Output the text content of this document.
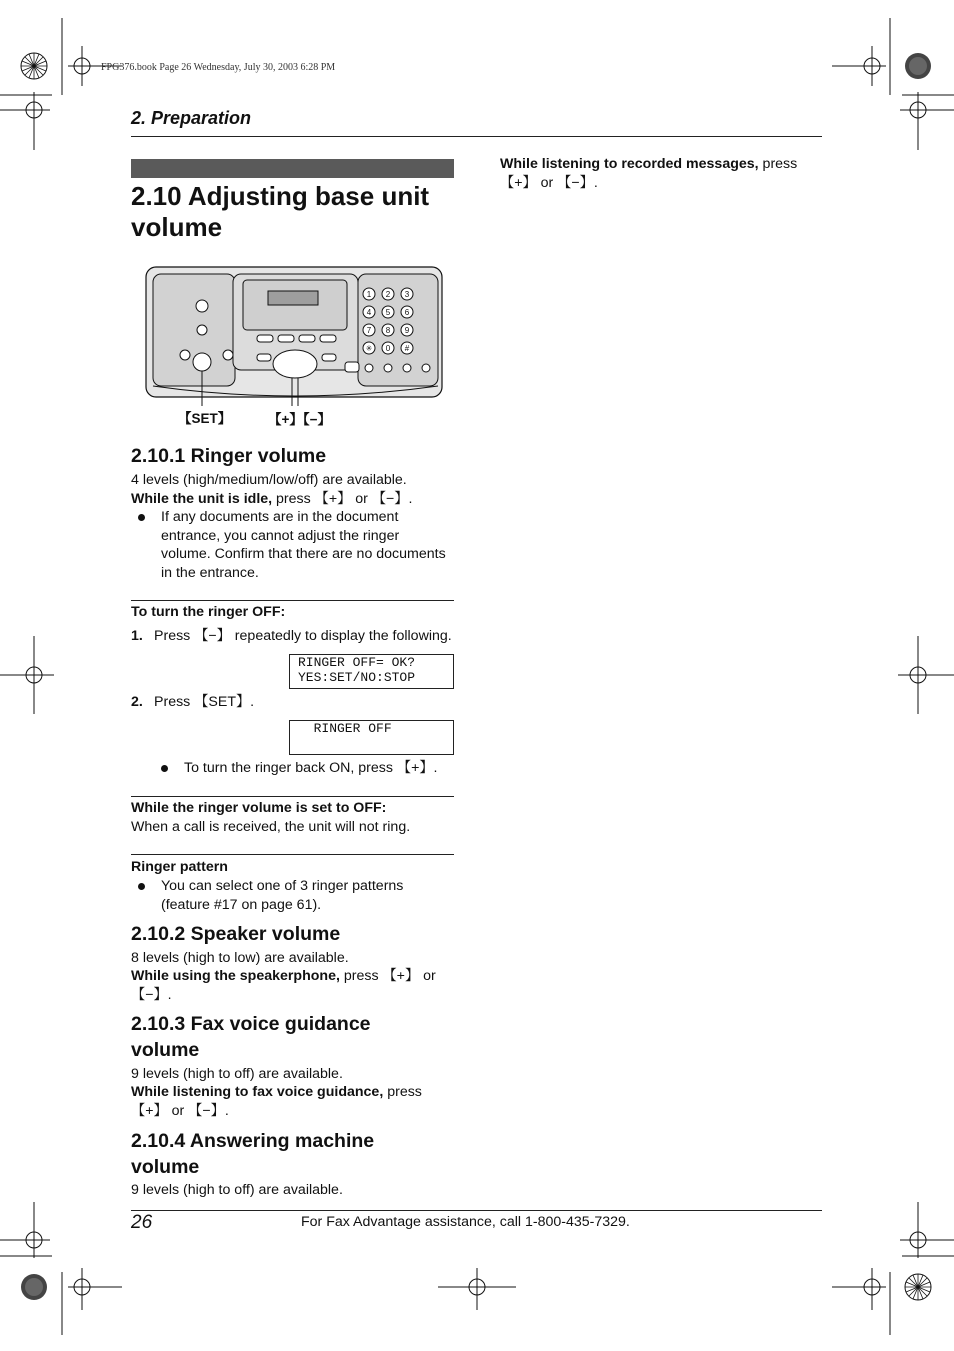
FPG376.book Page 26 Wednesday, July 30, 2003 6:28 PM
2. Preparation
2.10 Adjusting base unit volume
1 2 3
4 5 6
7 8 9
✳ 0 #
【SET】	【+】【−】
2.10.1 Ringer volume
4 levels (high/medium/low/off) are available.
While the unit is idle, press 【+】 or 【−】.
If any documents are in the document
entrance, you cannot adjust the ringer
volume. Confirm that there are no documents
in the entrance.
To turn the ringer OFF:
1. Press 【−】 repeatedly to display the following.
RINGER OFF= OK?
YES:SET/NO:STOP
2. Press 【SET】.
RINGER OFF
To turn the ringer back ON, press 【+】.
While the ringer volume is set to OFF:
When a call is received, the unit will not ring.
Ringer pattern
You can select one of 3 ringer patterns
(feature #17 on page 61).
2.10.2 Speaker volume
8 levels (high to low) are available.
While using the speakerphone, press 【+】 or
【−】.
2.10.3 Fax voice guidance
volume
9 levels (high to off) are available.
While listening to fax voice guidance, press
【+】 or 【−】.
2.10.4 Answering machine
volume
9 levels (high to off) are available.
While listening to recorded messages, press
【+】 or 【−】.
26	For Fax Advantage assistance, call 1-800-435-7329.
